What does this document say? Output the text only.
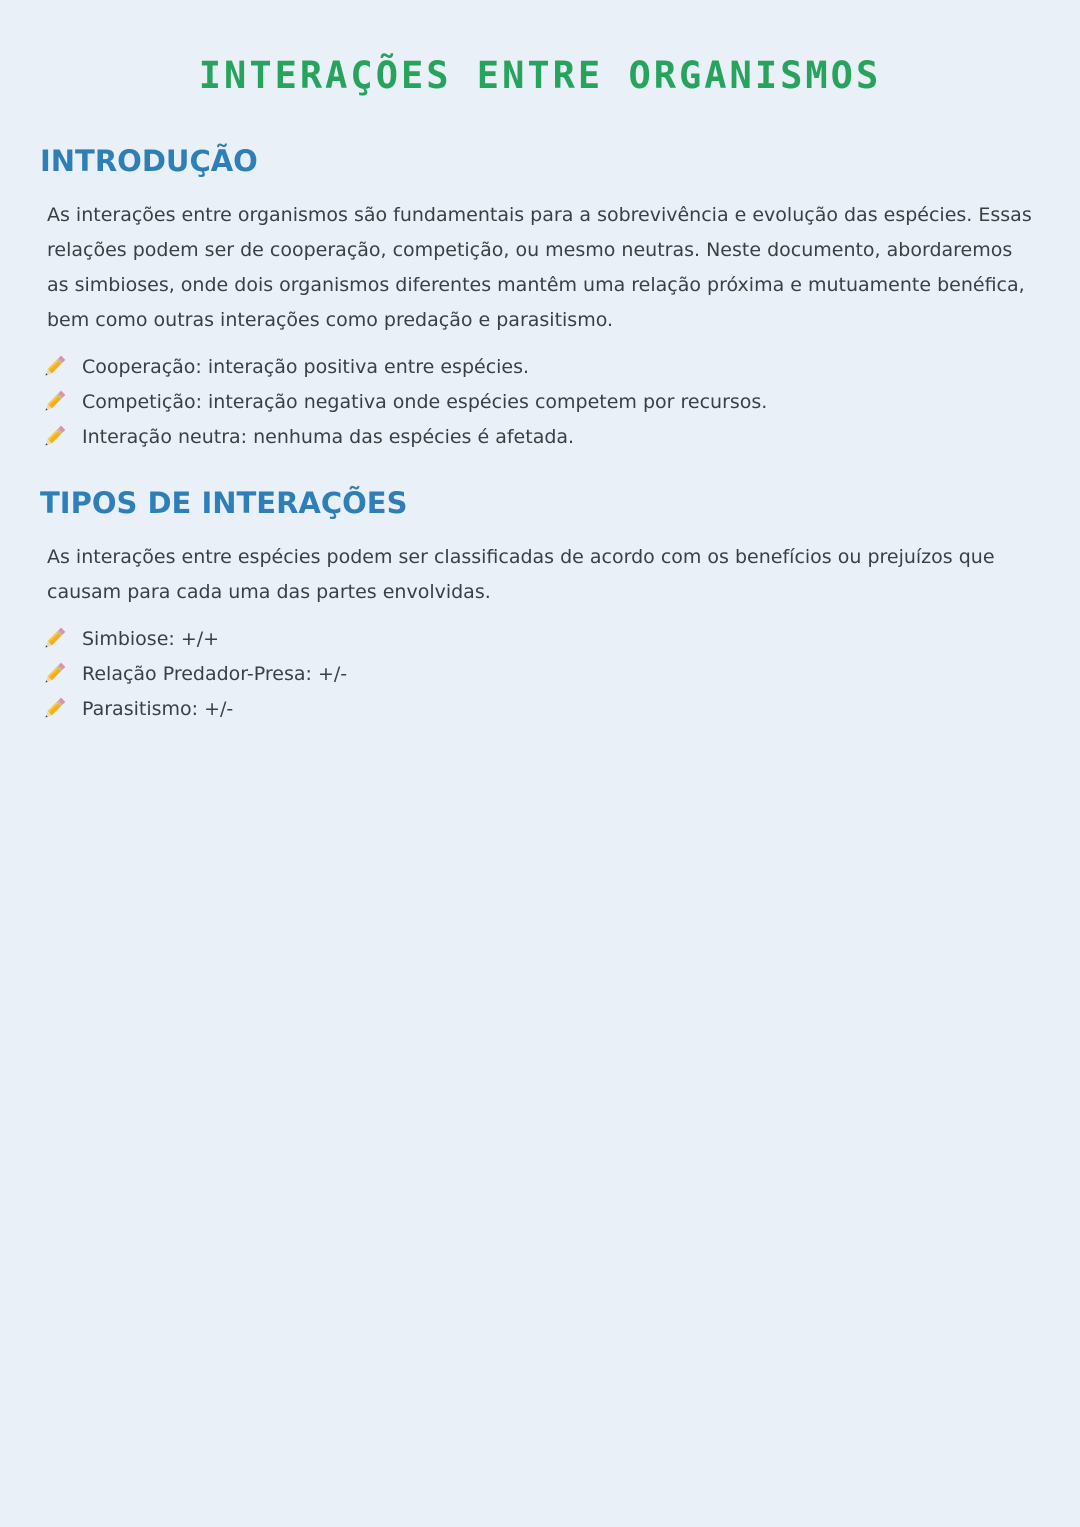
INTERAÇÕES ENTRE ORGANISMOS
INTRODUÇÃO

As interações entre organismos são fundamentais para a sobrevivência e evolução das espécies. Essas relações podem ser de cooperação, competição, ou mesmo neutras. Neste documento, abordaremos as simbioses, onde dois organismos diferentes mantêm uma relação próxima e mutuamente benéfica, bem como outras interações como predação e parasitismo.

Cooperação: interação positiva entre espécies.
Competição: interação negativa onde espécies competem por recursos.
Interação neutra: nenhuma das espécies é afetada.
TIPOS DE INTERAÇÕES

As interações entre espécies podem ser classificadas de acordo com os benefícios ou prejuízos que causam para cada uma das partes envolvidas.

Simbiose: +/+
Relação Predador-Presa: +/-
Parasitismo: +/-
